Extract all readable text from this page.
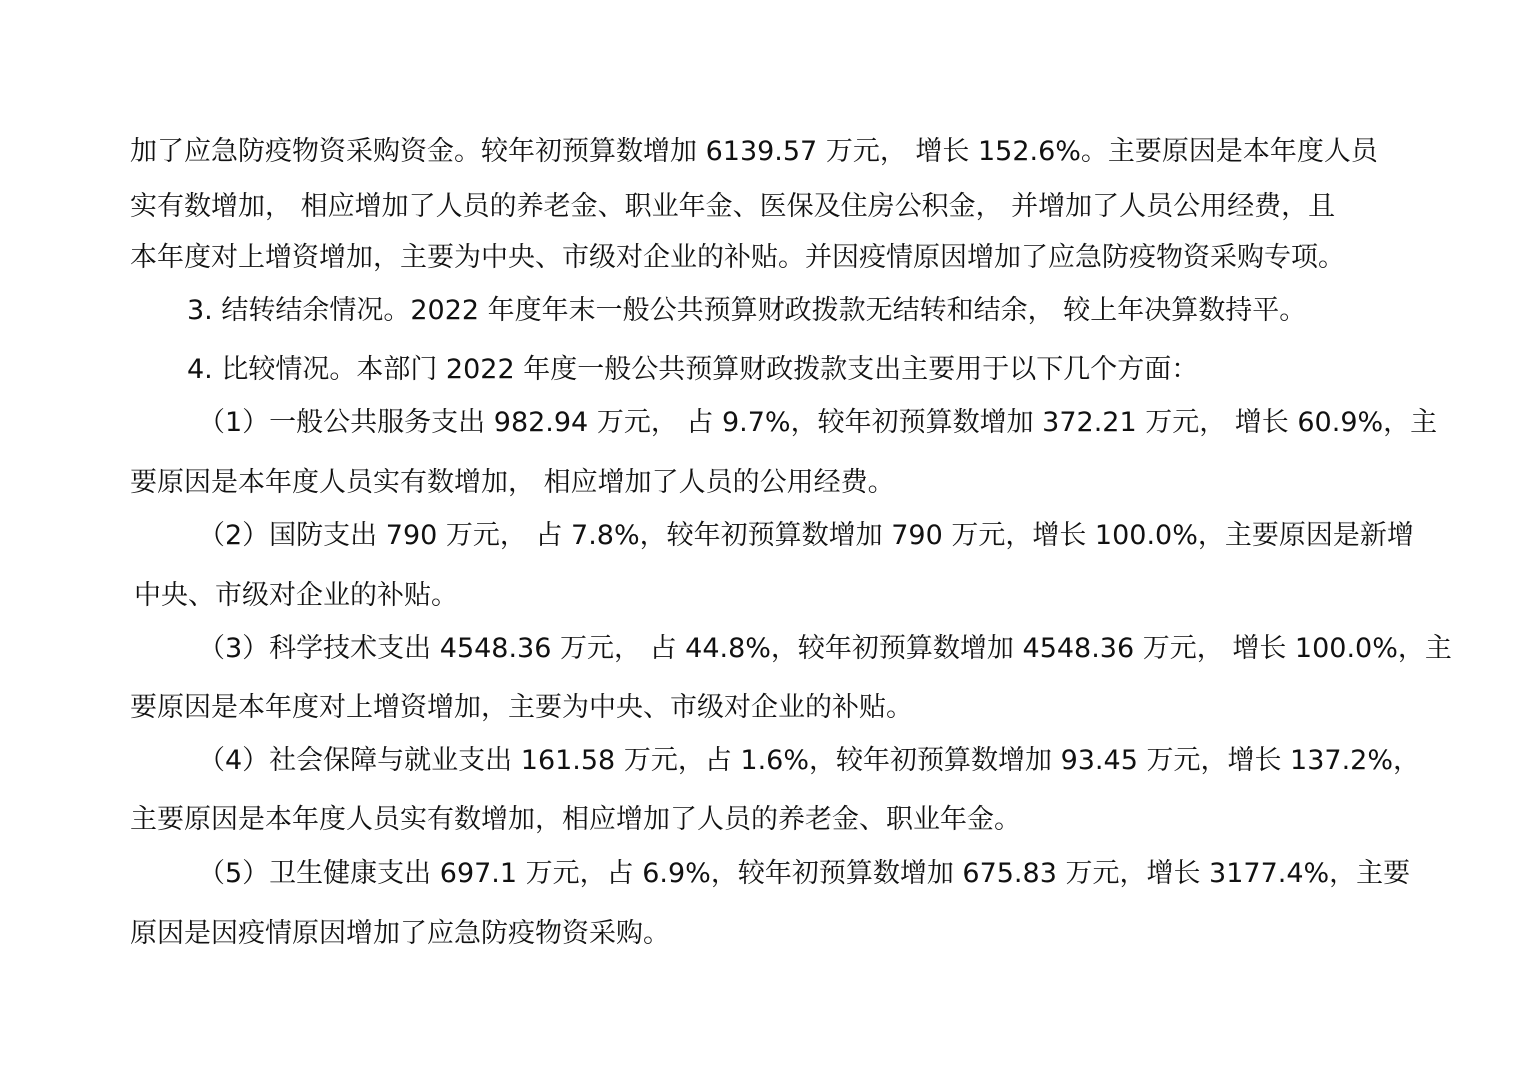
加了应急防疫物资采购资金。较年初预算数增加 6139.57 万元， 增长 152.6%。主要原因是本年度人员
实有数增加， 相应增加了人员的养老金、职业年金、医保及住房公积金， 并增加了人员公用经费，且
本年度对上增资增加，主要为中央、市级对企业的补贴。并因疫情原因增加了应急防疫物资采购专项。
3. 结转结余情况。2022 年度年末一般公共预算财政拨款无结转和结余， 较上年决算数持平。
4. 比较情况。本部门 2022 年度一般公共预算财政拨款支出主要用于以下几个方面：
（1）一般公共服务支出 982.94 万元， 占 9.7%，较年初预算数增加 372.21 万元， 增长 60.9%，主
要原因是本年度人员实有数增加， 相应增加了人员的公用经费。
（2）国防支出 790 万元， 占 7.8%，较年初预算数增加 790 万元，增长 100.0%，主要原因是新增
中央、市级对企业的补贴。
（3）科学技术支出 4548.36 万元， 占 44.8%，较年初预算数增加 4548.36 万元， 增长 100.0%，主
要原因是本年度对上增资增加，主要为中央、市级对企业的补贴。
（4）社会保障与就业支出 161.58 万元，占 1.6%，较年初预算数增加 93.45 万元，增长 137.2%，
主要原因是本年度人员实有数增加，相应增加了人员的养老金、职业年金。
（5）卫生健康支出 697.1 万元，占 6.9%，较年初预算数增加 675.83 万元，增长 3177.4%，主要
原因是因疫情原因增加了应急防疫物资采购。
